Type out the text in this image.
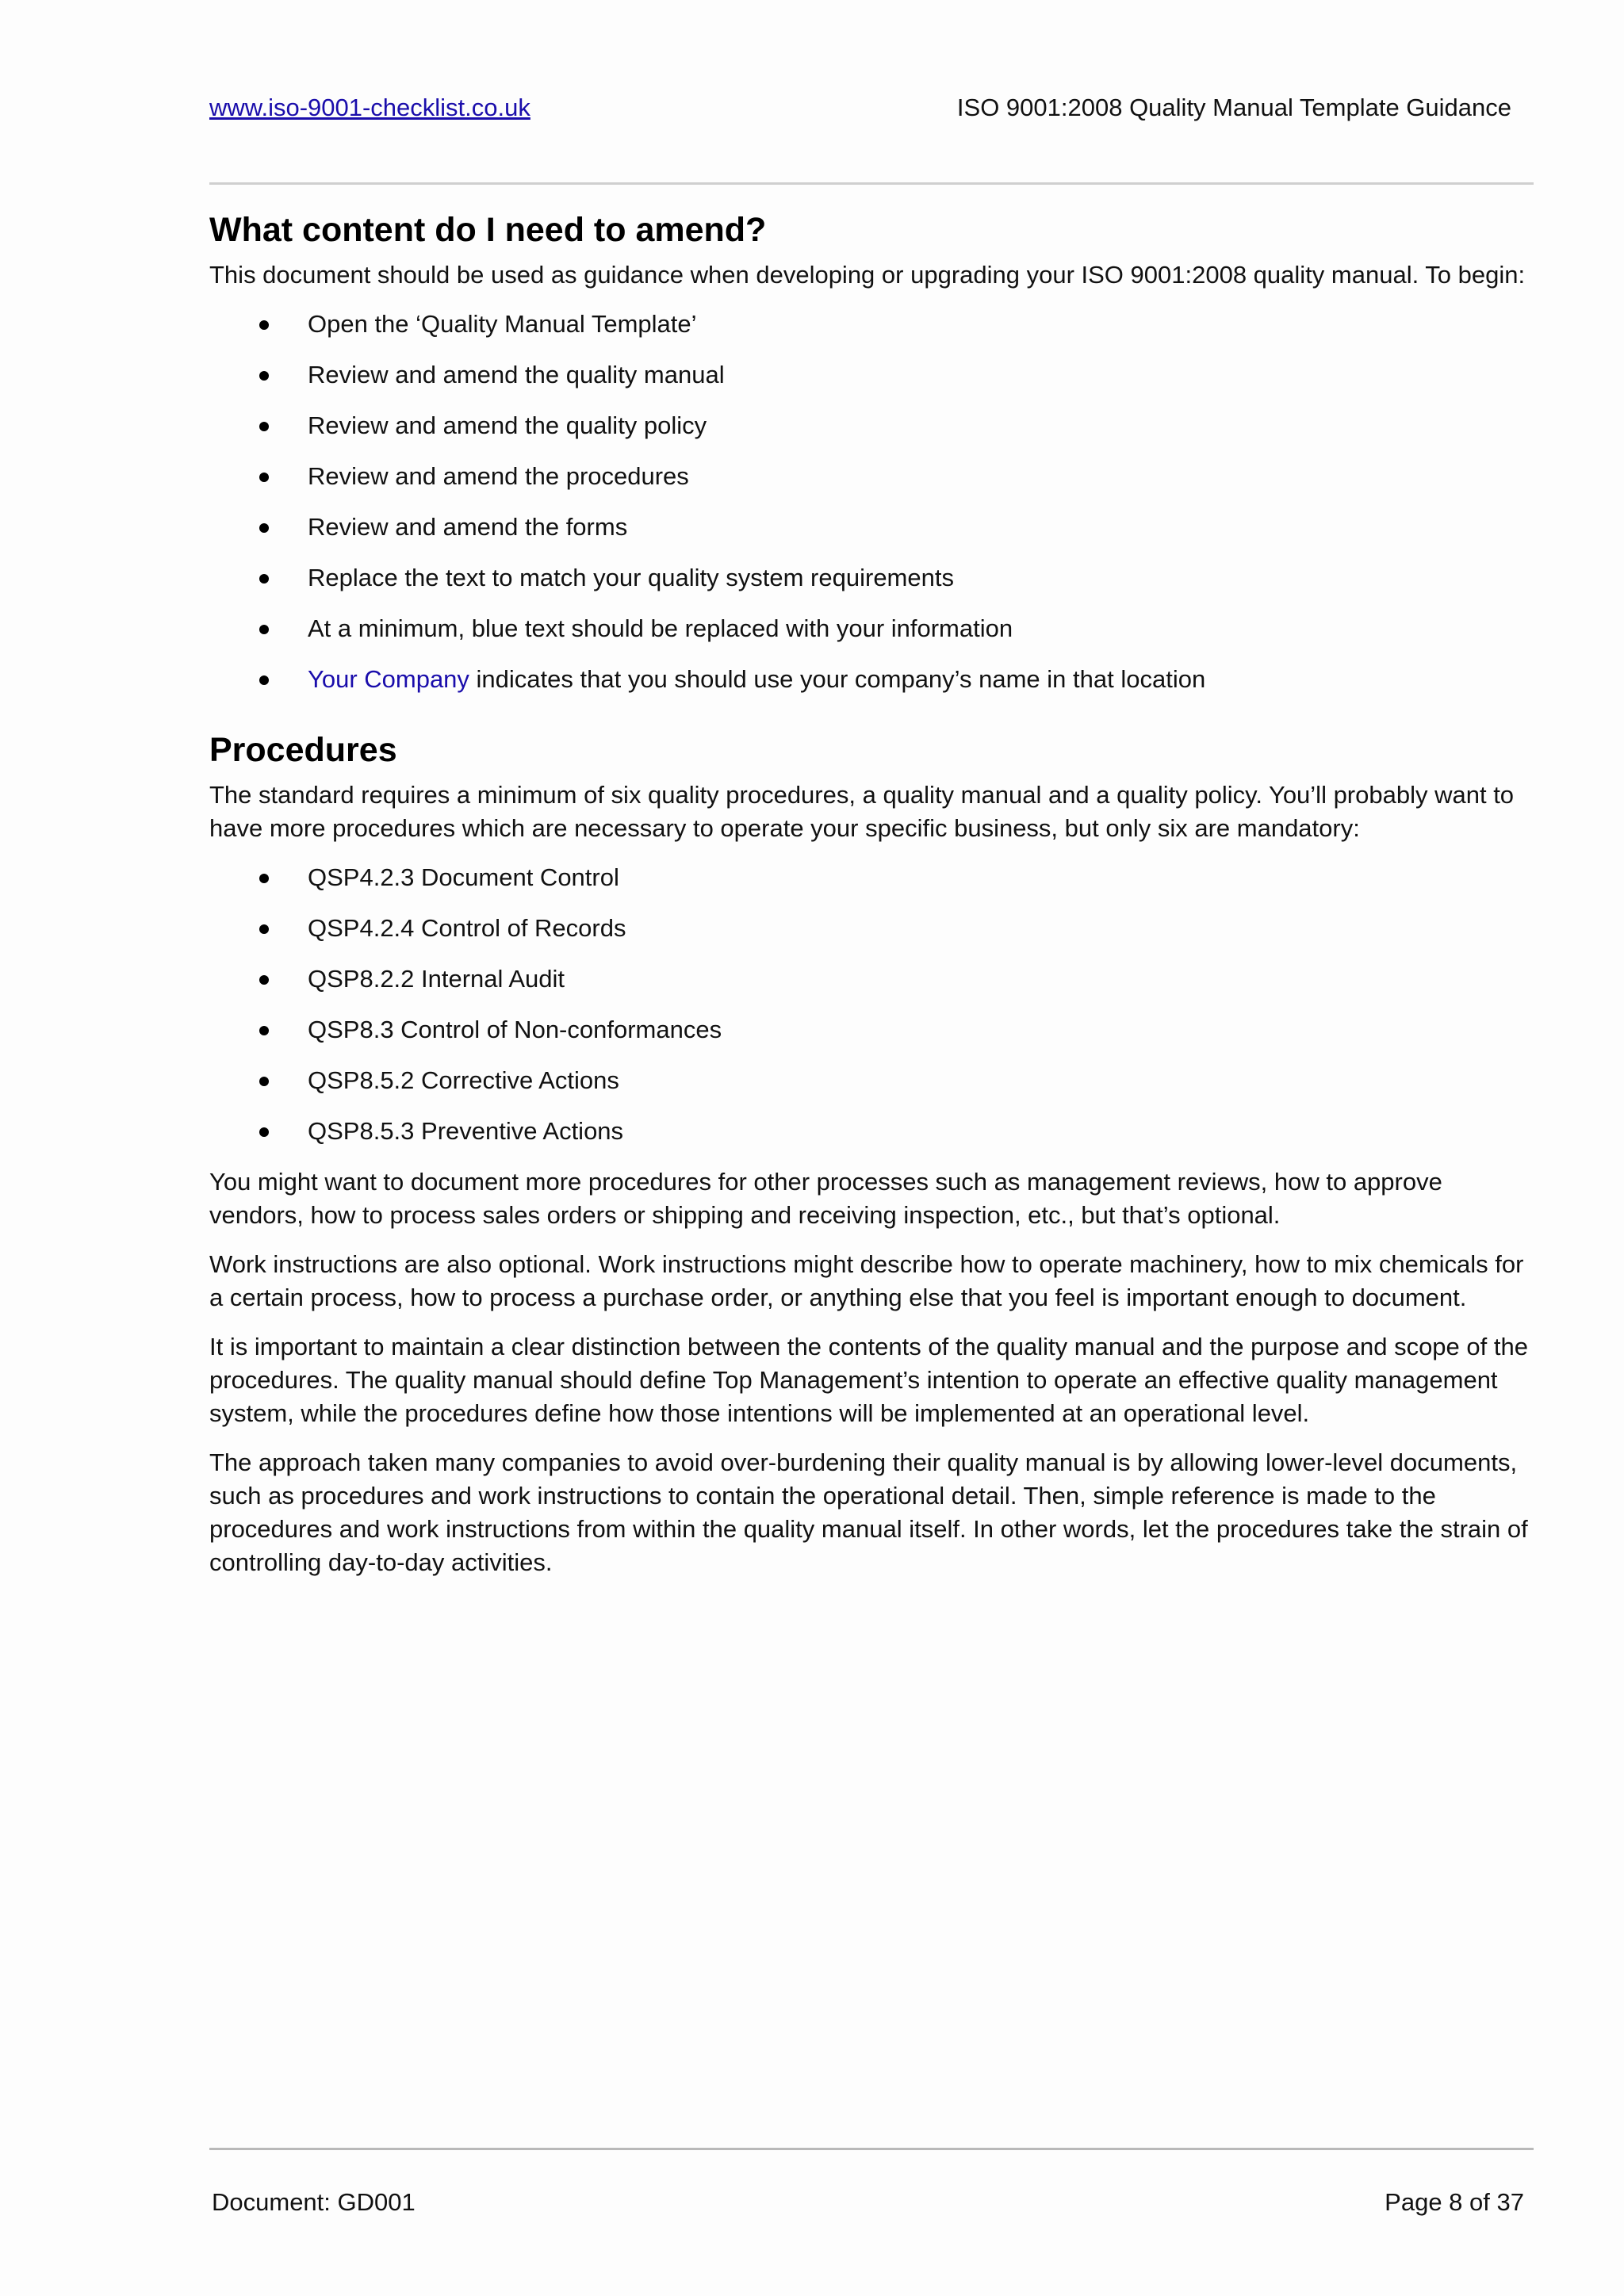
www.iso-9001-checklist.co.uk	ISO 9001:2008 Quality Manual Template Guidance
What content do I need to amend?

This document should be used as guidance when developing or upgrading your ISO 9001:2008 quality manual. To begin:

Open the ‘Quality Manual Template’
Review and amend the quality manual
Review and amend the quality policy
Review and amend the procedures
Review and amend the forms
Replace the text to match your quality system requirements
At a minimum, blue text should be replaced with your information
Your Company indicates that you should use your company’s name in that location
Procedures

The standard requires a minimum of six quality procedures, a quality manual and a quality policy. You’ll probably want to have more procedures which are necessary to operate your specific business, but only six are mandatory:

QSP4.2.3 Document Control
QSP4.2.4 Control of Records
QSP8.2.2 Internal Audit
QSP8.3 Control of Non-conformances
QSP8.5.2 Corrective Actions
QSP8.5.3 Preventive Actions

You might want to document more procedures for other processes such as management reviews, how to approve vendors, how to process sales orders or shipping and receiving inspection, etc., but that’s optional.

Work instructions are also optional. Work instructions might describe how to operate machinery, how to mix chemicals for a certain process, how to process a purchase order, or anything else that you feel is important enough to document.

It is important to maintain a clear distinction between the contents of the quality manual and the purpose and scope of the procedures. The quality manual should define Top Management’s intention to operate an effective quality management system, while the procedures define how those intentions will be implemented at an operational level.

The approach taken many companies to avoid over-burdening their quality manual is by allowing lower-level documents, such as procedures and work instructions to contain the operational detail. Then, simple reference is made to the procedures and work instructions from within the quality manual itself. In other words, let the procedures take the strain of controlling day-to-day activities.

Document: GD001	Page 8 of 37
